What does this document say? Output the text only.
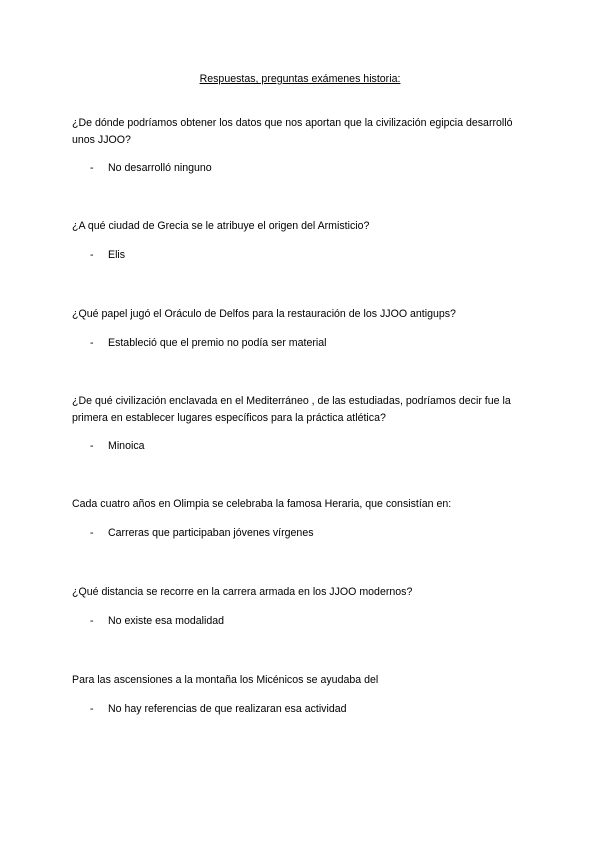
Respuestas, preguntas exámenes historia:
¿De dónde podríamos obtener los datos que nos aportan que la civilización egipcia desarrolló unos JJOO?
- No desarrolló ninguno
¿A qué ciudad de Grecia se le atribuye el origen del Armisticio?
- Elis
¿Qué papel jugó el Oráculo de Delfos para la restauración de los JJOO antigups?
- Estableció que el premio no podía ser material
¿De qué civilización enclavada en el Mediterráneo , de las estudiadas, podríamos decir fue la primera en establecer lugares específicos para la práctica atlética?
- Minoica
Cada cuatro años en Olimpia se celebraba la famosa Heraria, que consistían en:
- Carreras que participaban jóvenes vírgenes
¿Qué distancia se recorre en la carrera armada en los JJOO modernos?
- No existe esa modalidad
Para las ascensiones a la montaña los Micénicos se ayudaba del
- No hay referencias de que realizaran esa actividad
